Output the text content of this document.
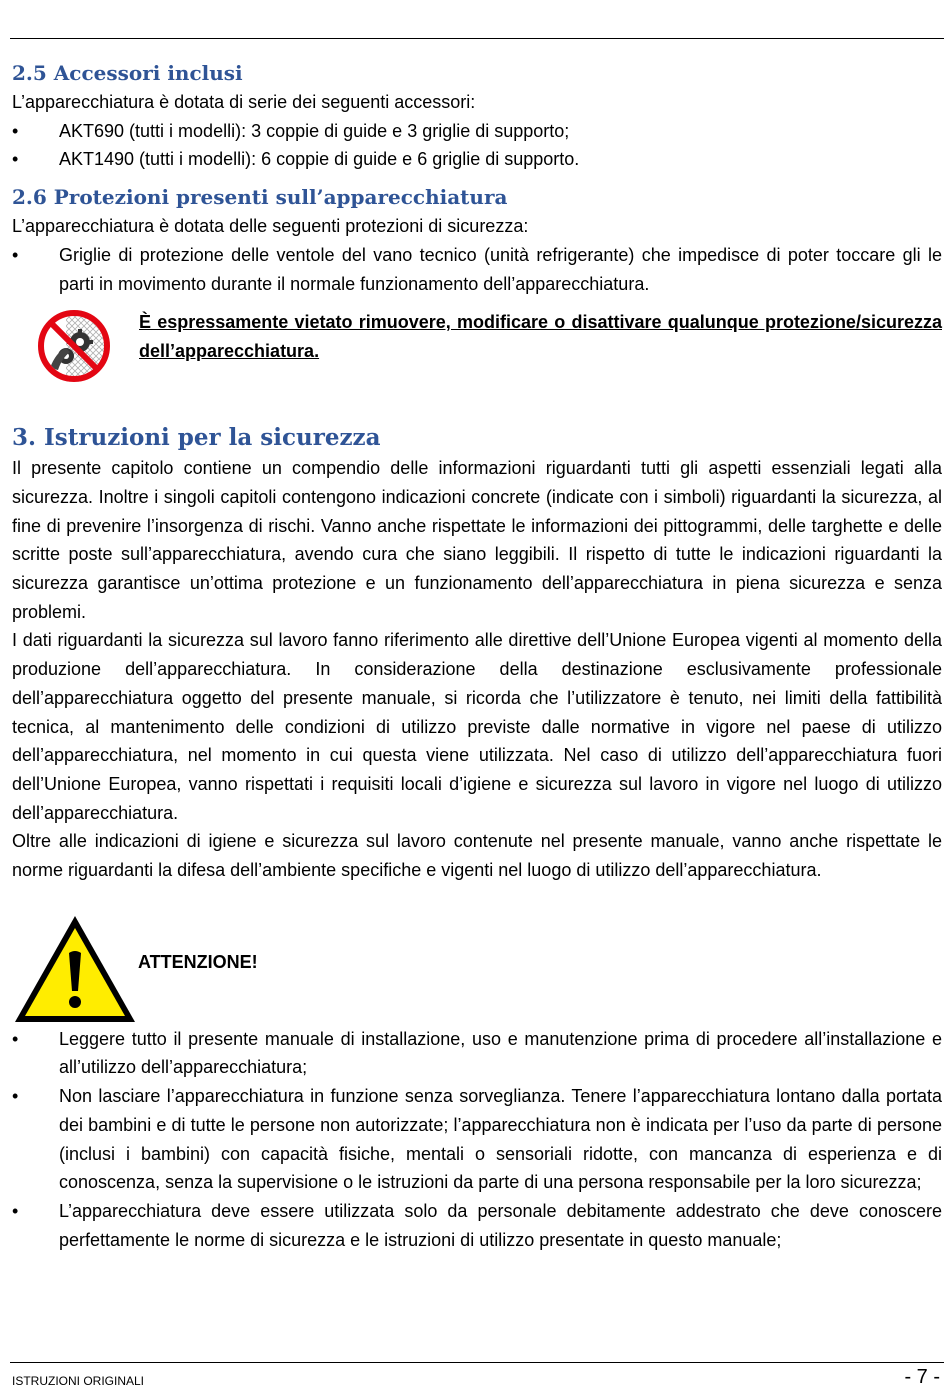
2.5 Accessori inclusi

L’apparecchiatura è dotata di serie dei seguenti accessori:

• AKT690 (tutti i modelli): 3 coppie di guide e 3 griglie di supporto;
• AKT1490 (tutti i modelli): 6 coppie di guide e 6 griglie di supporto.
2.6 Protezioni presenti sull’apparecchiatura

L’apparecchiatura è dotata delle seguenti protezioni di sicurezza:

• Griglie di protezione delle ventole del vano tecnico (unità refrigerante) che impedisce di poter toccare gli le parti in movimento durante il normale funzionamento dell’apparecchiatura.
È espressamente vietato rimuovere, modificare o disattivare qualunque protezione/sicurezza dell’apparecchiatura.
3. Istruzioni per la sicurezza

Il presente capitolo contiene un compendio delle informazioni riguardanti tutti gli aspetti essenziali legati alla sicurezza. Inoltre i singoli capitoli contengono indicazioni concrete (indicate con i simboli) riguardanti la sicurezza, al fine di prevenire l’insorgenza di rischi. Vanno anche rispettate le informazioni dei pittogrammi, delle targhette e delle scritte poste sull’apparecchiatura, avendo cura che siano leggibili. Il rispetto di tutte le indicazioni riguardanti la sicurezza garantisce un’ottima protezione e un funzionamento dell’apparecchiatura in piena sicurezza e senza problemi.

I dati riguardanti la sicurezza sul lavoro fanno riferimento alle direttive dell’Unione Europea vigenti al momento della produzione dell’apparecchiatura. In considerazione della destinazione esclusivamente professionale dell’apparecchiatura oggetto del presente manuale, si ricorda che l’utilizzatore è tenuto, nei limiti della fattibilità tecnica, al mantenimento delle condizioni di utilizzo previste dalle normative in vigore nel paese di utilizzo dell’apparecchiatura, nel momento in cui questa viene utilizzata. Nel caso di utilizzo dell’apparecchiatura fuori dell’Unione Europea, vanno rispettati i requisiti locali d’igiene e sicurezza sul lavoro in vigore nel luogo di utilizzo dell’apparecchiatura.

Oltre alle indicazioni di igiene e sicurezza sul lavoro contenute nel presente manuale, vanno anche rispettate le norme riguardanti la difesa dell’ambiente specifiche e vigenti nel luogo di utilizzo dell’apparecchiatura.

ATTENZIONE!
• Leggere tutto il presente manuale di installazione, uso e manutenzione prima di procedere all’installazione e all’utilizzo dell’apparecchiatura;
• Non lasciare l’apparecchiatura in funzione senza sorveglianza. Tenere l’apparecchiatura lontano dalla portata dei bambini e di tutte le persone non autorizzate; l’apparecchiatura non è indicata per l’uso da parte di persone (inclusi i bambini) con capacità fisiche, mentali o sensoriali ridotte, con mancanza di esperienza e di conoscenza, senza la supervisione o le istruzioni da parte di una persona responsabile per la loro sicurezza;
• L’apparecchiatura deve essere utilizzata solo da personale debitamente addestrato che deve conoscere perfettamente le norme di sicurezza e le istruzioni di utilizzo presentate in questo manuale;
ISTRUZIONI ORIGINALI	- 7 -
